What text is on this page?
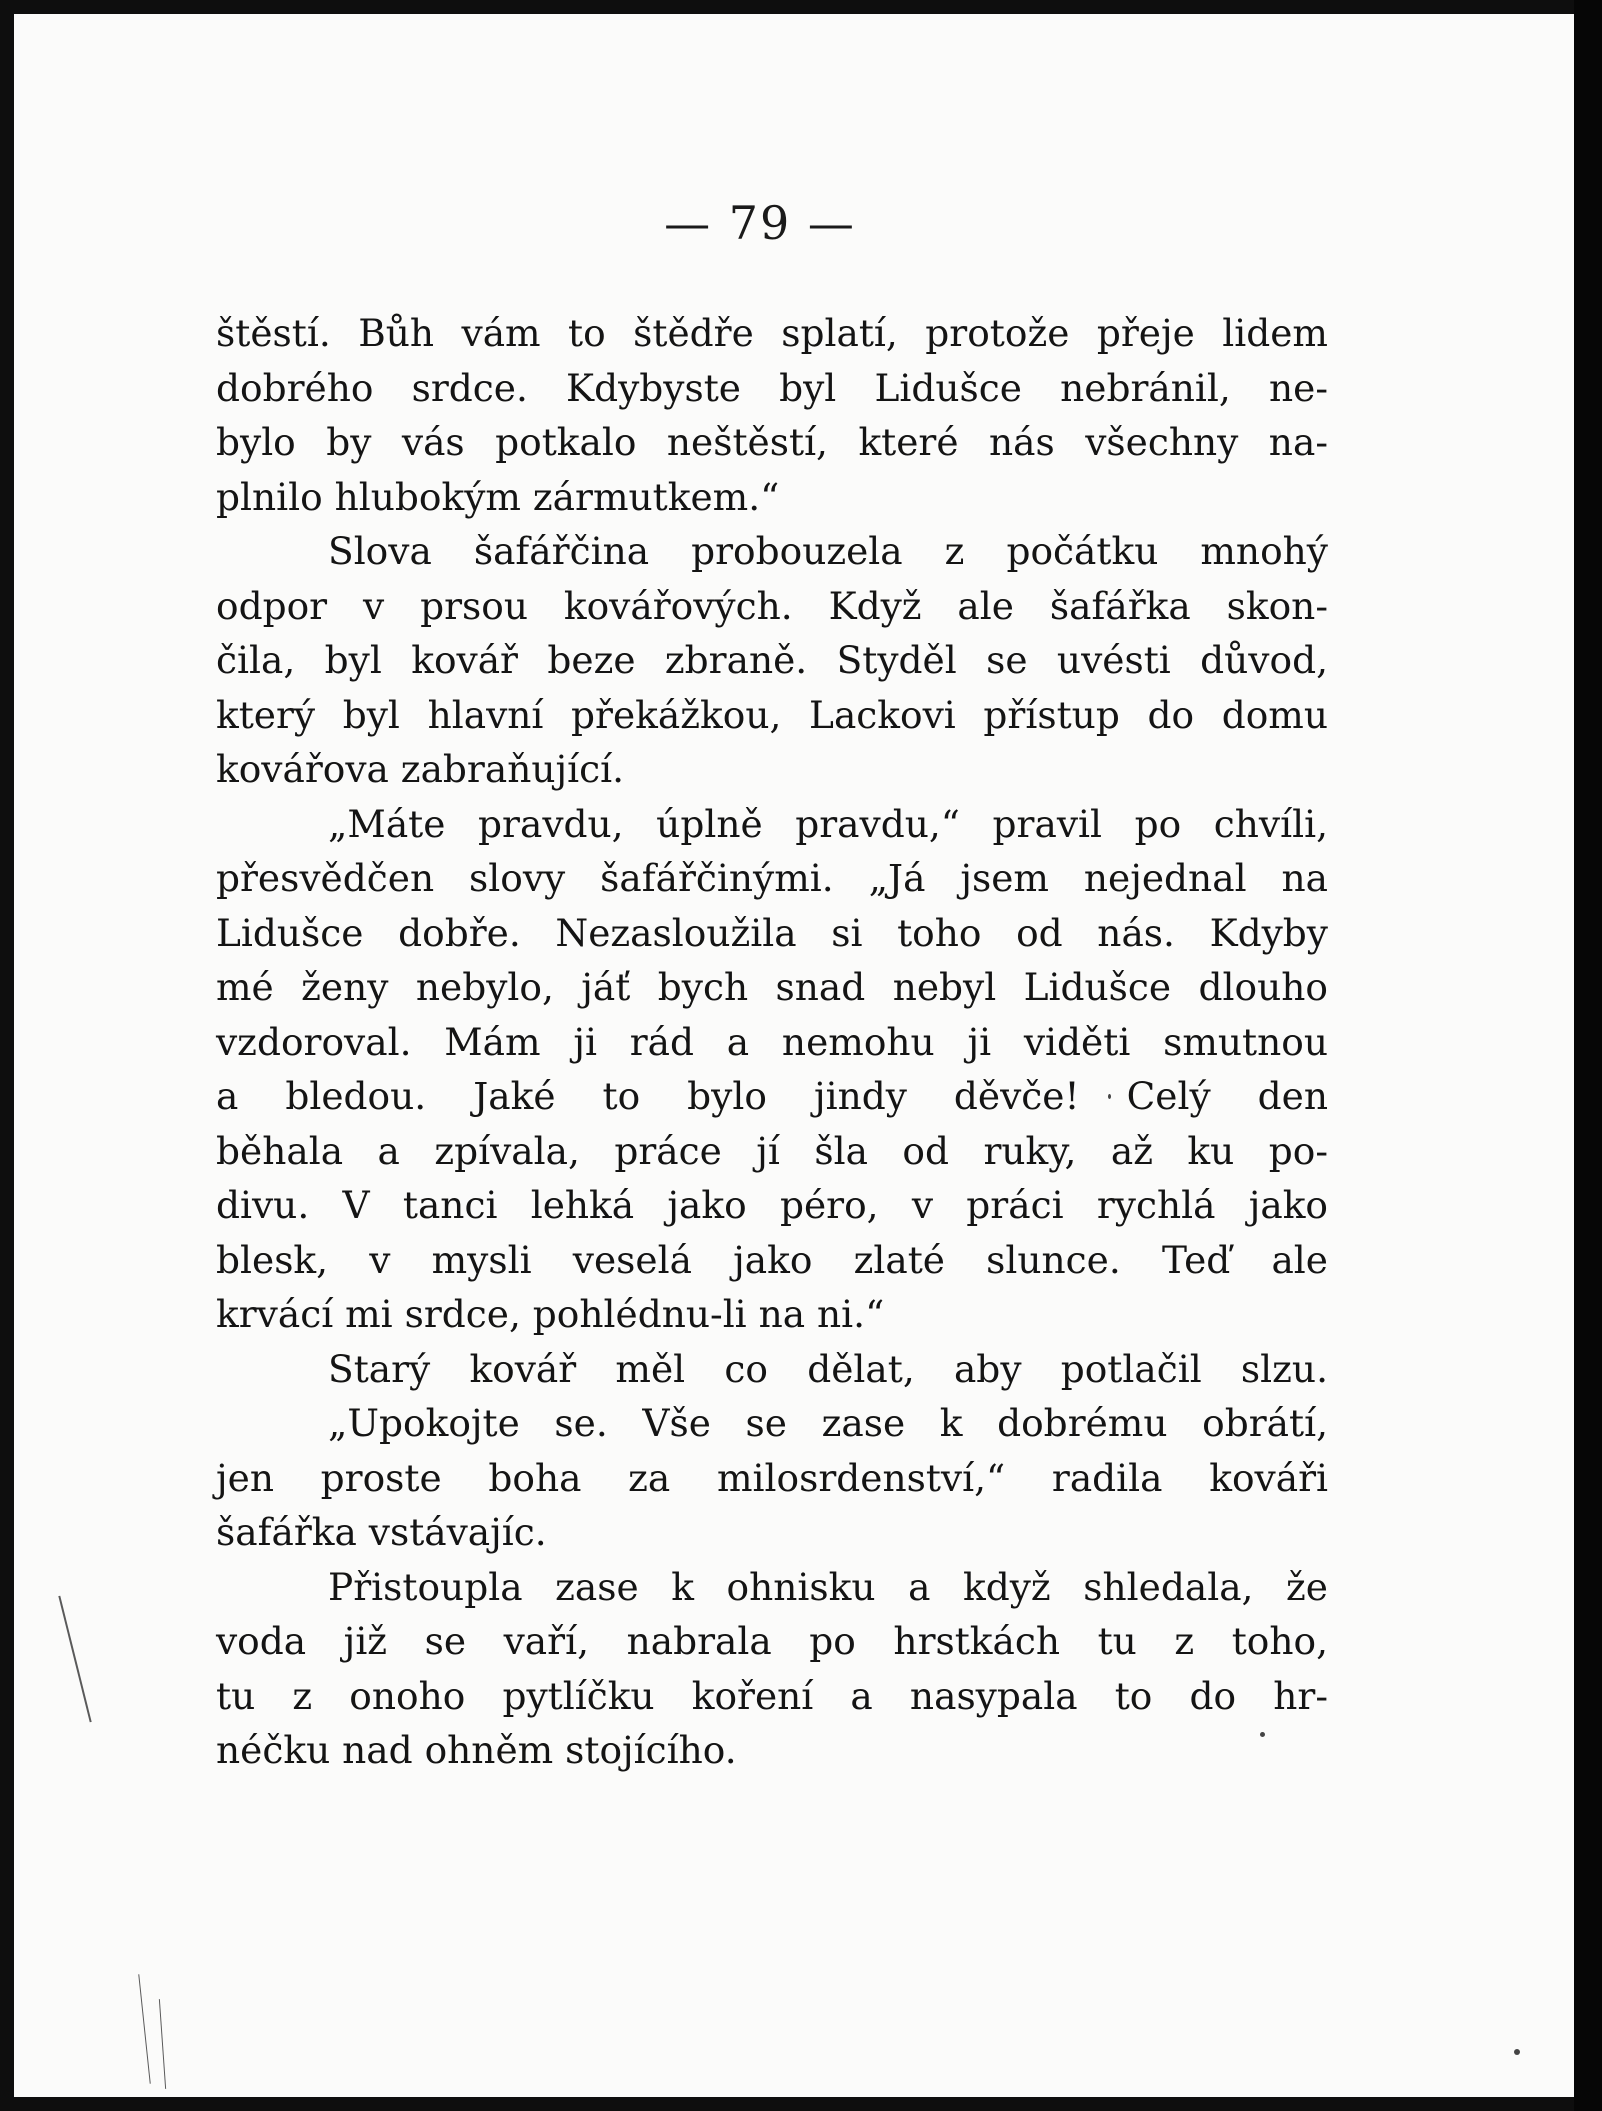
— 79 —
štěstí. Bůh vám to štědře splatí, protože přeje lidem
dobrého srdce. Kdybyste byl Lidušce nebránil, ne-
bylo by vás potkalo neštěstí, které nás všechny na-
plnilo hlubokým zármutkem.“
Slova šafářčina probouzela z počátku mnohý
odpor v prsou kovářových. Když ale šafářka skon-
čila, byl kovář beze zbraně. Styděl se uvésti důvod,
který byl hlavní překážkou, Lackovi přístup do domu
kovářova zabraňující.
„Máte pravdu, úplně pravdu,“ pravil po chvíli,
přesvědčen slovy šafářčinými. „Já jsem nejednal na
Lidušce dobře. Nezasloužila si toho od nás. Kdyby
mé ženy nebylo, jáť bych snad nebyl Lidušce dlouho
vzdoroval. Mám ji rád a nemohu ji viděti smutnou
a bledou. Jaké to bylo jindy děvče! Celý den
běhala a zpívala, práce jí šla od ruky, až ku po-
divu. V tanci lehká jako péro, v práci rychlá jako
blesk, v mysli veselá jako zlaté slunce. Teď ale
krvácí mi srdce, pohlédnu-li na ni.“
Starý kovář měl co dělat, aby potlačil slzu.
„Upokojte se. Vše se zase k dobrému obrátí,
jen proste boha za milosrdenství,“ radila kováři
šafářka vstávajíc.
Přistoupla zase k ohnisku a když shledala, že
voda již se vaří, nabrala po hrstkách tu z toho,
tu z onoho pytlíčku koření a nasypala to do hr-
néčku nad ohněm stojícího.
